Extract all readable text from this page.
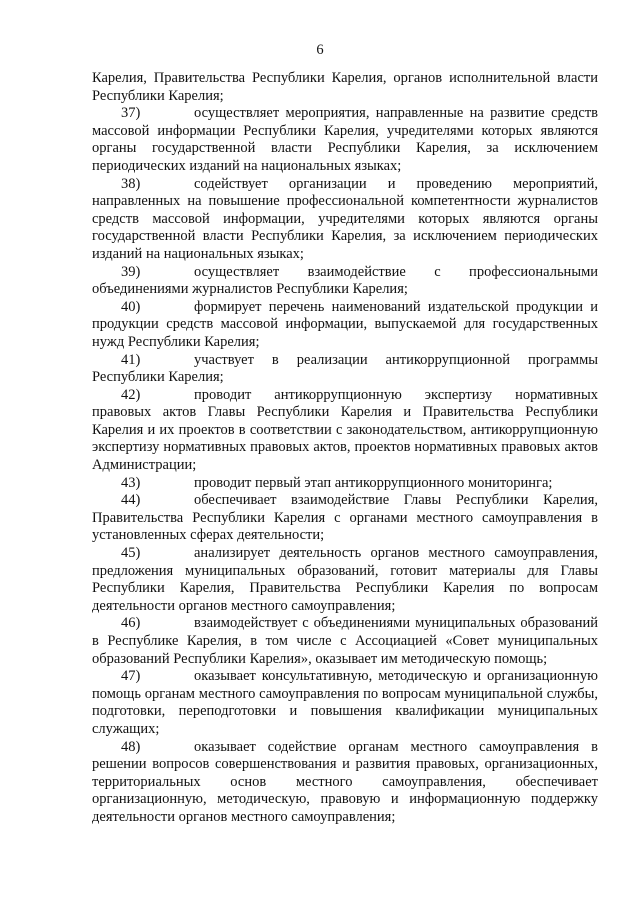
6

Карелия, Правительства Республики Карелия, органов исполнительной власти Республики Карелия;

37)	осуществляет мероприятия, направленные на развитие средств массовой информации Республики Карелия, учредителями которых являются органы государственной власти Республики Карелия, за исключением периодических изданий на национальных языках;

38)	содействует организации и проведению мероприятий, направленных на повышение профессиональной компетентности журналистов средств массовой информации, учредителями которых являются органы государственной власти Республики Карелия, за исключением периодических изданий на национальных языках;

39)	осуществляет взаимодействие с профессиональными объединениями журналистов Республики Карелия;

40)	формирует перечень наименований издательской продукции и продукции средств массовой информации, выпускаемой для государственных нужд Республики Карелия;

41)	участвует в реализации антикоррупционной программы Республики Карелия;

42)	проводит антикоррупционную экспертизу нормативных правовых актов Главы Республики Карелия и Правительства Республики Карелия и их проектов в соответствии с законодательством, антикоррупционную экспертизу нормативных правовых актов, проектов нормативных правовых актов Администрации;

43)	проводит первый этап антикоррупционного мониторинга;

44)	обеспечивает взаимодействие Главы Республики Карелия, Правительства Республики Карелия с органами местного самоуправления в установленных сферах деятельности;

45)	анализирует деятельность органов местного самоуправления, предложения муниципальных образований, готовит материалы для Главы Республики Карелия, Правительства Республики Карелия по вопросам деятельности органов местного самоуправления;

46)	взаимодействует с объединениями муниципальных образований в Республике Карелия, в том числе с Ассоциацией «Совет муниципальных образований Республики Карелия», оказывает им методическую помощь;

47)	оказывает консультативную, методическую и организационную помощь органам местного самоуправления по вопросам муниципальной службы, подготовки, переподготовки и повышения квалификации муниципальных служащих;

48)	оказывает содействие органам местного самоуправления в решении вопросов совершенствования и развития правовых, организационных, территориальных основ местного самоуправления, обеспечивает организационную, методическую, правовую и информационную поддержку деятельности органов местного самоуправления;
